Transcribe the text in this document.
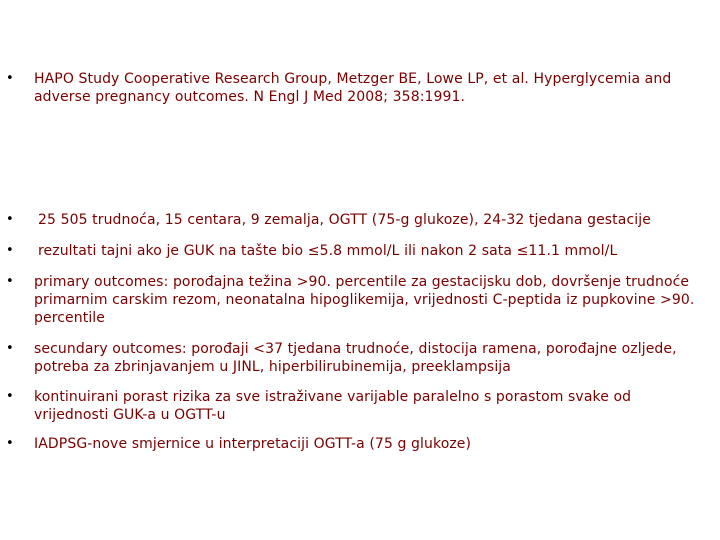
• HAPO Study Cooperative Research Group, Metzger BE, Lowe LP, et al. Hyperglycemia and adverse pregnancy outcomes. N Engl J Med 2008; 358:1991.
• 25 505 trudnoća, 15 centara, 9 zemalja, OGTT (75-g glukoze), 24-32 tjedana gestacije
• rezultati tajni ako je GUK na tašte bio ≤5.8 mmol/L ili nakon 2 sata ≤11.1 mmol/L
• primary outcomes: porođajna težina >90. percentile za gestacijsku dob, dovršenje trudnoće primarnim carskim rezom, neonatalna hipoglikemija, vrijednosti C-peptida iz pupkovine >90. percentile
• secundary outcomes: porođaji <37 tjedana trudnoće, distocija ramena, porođajne ozljede, potreba za zbrinjavanjem u JINL, hiperbilirubinemija, preeklampsija
• kontinuirani porast rizika za sve istraživane varijable paralelno s porastom svake od vrijednosti GUK-a u OGTT-u
• IADPSG-nove smjernice u interpretaciji OGTT-a (75 g glukoze)
